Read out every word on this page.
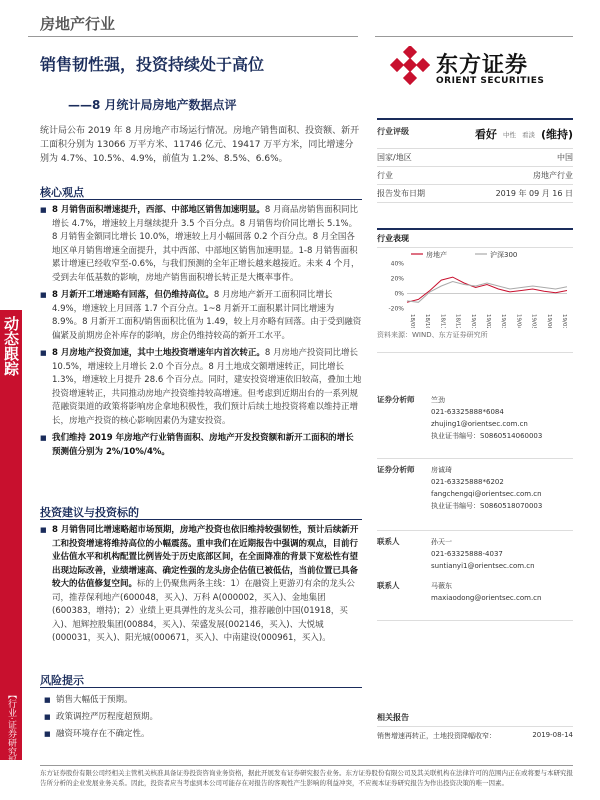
房地产行业
销售韧性强，投资持续处于高位
——8 月统计局房地产数据点评
东方证券
ORIENT SECURITIES
动态跟踪
【行业·证券研究报告】
统计局公布 2019 年 8 月房地产市场运行情况。房地产销售面积、投资额、新开工面积分别为 13066 万平方米、11746 亿元、19417 万平方米，同比增速分别为 4.7%、10.5%、4.9%，前值为 1.2%、8.5%、6.6%。
核心观点
■ 8 月销售面积增速提升，西部、中部地区销售加速明显。8 月商品房销售面积同比增长 4.7%，增速较上月继续提升 3.5 个百分点。8 月销售均价同比增长 5.1%。8 月销售金额同比增长 10.0%，增速较上月小幅回落 0.2 个百分点。8 月全国各地区单月销售增速全面提升，其中西部、中部地区销售加速明显。1-8 月销售面积累计增速已经收窄至-0.6%，与我们预测的全年正增长越来越接近。未来 4 个月，受到去年低基数的影响，房地产销售面积增长转正是大概率事件。
■ 8 月新开工增速略有回落，但仍维持高位。8 月房地产新开工面积同比增长 4.9%，增速较上月回落 1.7 个百分点。1~8 月新开工面积累计同比增速为 8.9%。8 月新开工面积/销售面积比值为 1.49，较上月亦略有回落。由于受到融资偏紧及前期房企补库存的影响，房企仍维持较高的新开工水平。
■ 8 月房地产投资加速，其中土地投资增速年内首次转正。8 月房地产投资同比增长 10.5%，增速较上月增长 2.0 个百分点。8 月土地成交额增速转正，同比增长 1.3%，增速较上月提升 28.6 个百分点。同时，建安投资增速依旧较高，叠加土地投资增速转正，共同推动房地产投资维持较高增速。但考虑到近期出台的一系列规范融资渠道的政策将影响房企拿地积极性，我们预计后续土地投资将难以维持正增长，房地产投资的核心影响因素仍为建安投资。
■ 我们维持 2019 年房地产行业销售面积、房地产开发投资额和新开工面积的增长预测值分别为 2%/10%/4%。
投资建议与投资标的
■ 8 月销售同比增速略超市场预期，房地产投资也依旧维持较强韧性，预计后续新开工和投资增速将维持高位的小幅震荡。重申我们在近期报告中强调的观点，目前行业估值水平和机构配置比例皆处于历史底部区间，在全面降准的背景下宽松性有望出现边际改善，业绩增速高、确定性强的龙头房企估值已被低估，当前位置已具备较大的估值修复空间。标的上仍聚焦两条主线：1）在融资上更游刃有余的龙头公司，推荐保利地产(600048，买入)、万科 A(000002，买入)、金地集团(600383，增持)；2）业绩上更具弹性的龙头公司，推荐融创中国(01918，买入)、旭辉控股集团(00884，买入)、荣盛发展(002146，买入)、大悦城(000031，买入)、阳光城(000671，买入)、中南建设(000961，买入)。
风险提示
■ 销售大幅低于预期。
■ 政策调控严厉程度超预期。
■ 融资环境存在不确定性。
行业评级	看好 中性 看淡 (维持)
国家/地区	中国
行业	房地产行业
报告发布日期	2019 年 09 月 16 日
行业表现
房地产	沪深300
40%
20%
0%
-20%
18/09 18/10 18/11 18/12 19/01 19/02 19/03 19/04 19/05 19/06 19/07
资料来源：WIND、东方证券研究所
证券分析师 竺劲
021-63325888*6084
zhujing1@orientsec.com.cn
执业证书编号：S0860514060003
证券分析师 房诚琦
021-63325888*6202
fangchengqi@orientsec.com.cn
执业证书编号：S0860518070003
联系人	孙天一
021-63325888-4037
suntianyi1@orientsec.com.cn
联系人	马薇东
maxiaodong@orientsec.com.cn
相关报告
销售增速再转正，土地投资降幅收窄：	2019-08-14
东方证券股份有限公司经相关主管机关核准具备证券投资咨询业务资格，据此开展发布证券研究报告业务。东方证券股份有限公司及其关联机构在法律许可的范围内正在或将要与本研究报告所分析的企业发展业务关系。因此，投资者应当考虑到本公司可能存在对报告的客观性产生影响的利益冲突，不应视本证券研究报告为作出投资决策的唯一因素。
